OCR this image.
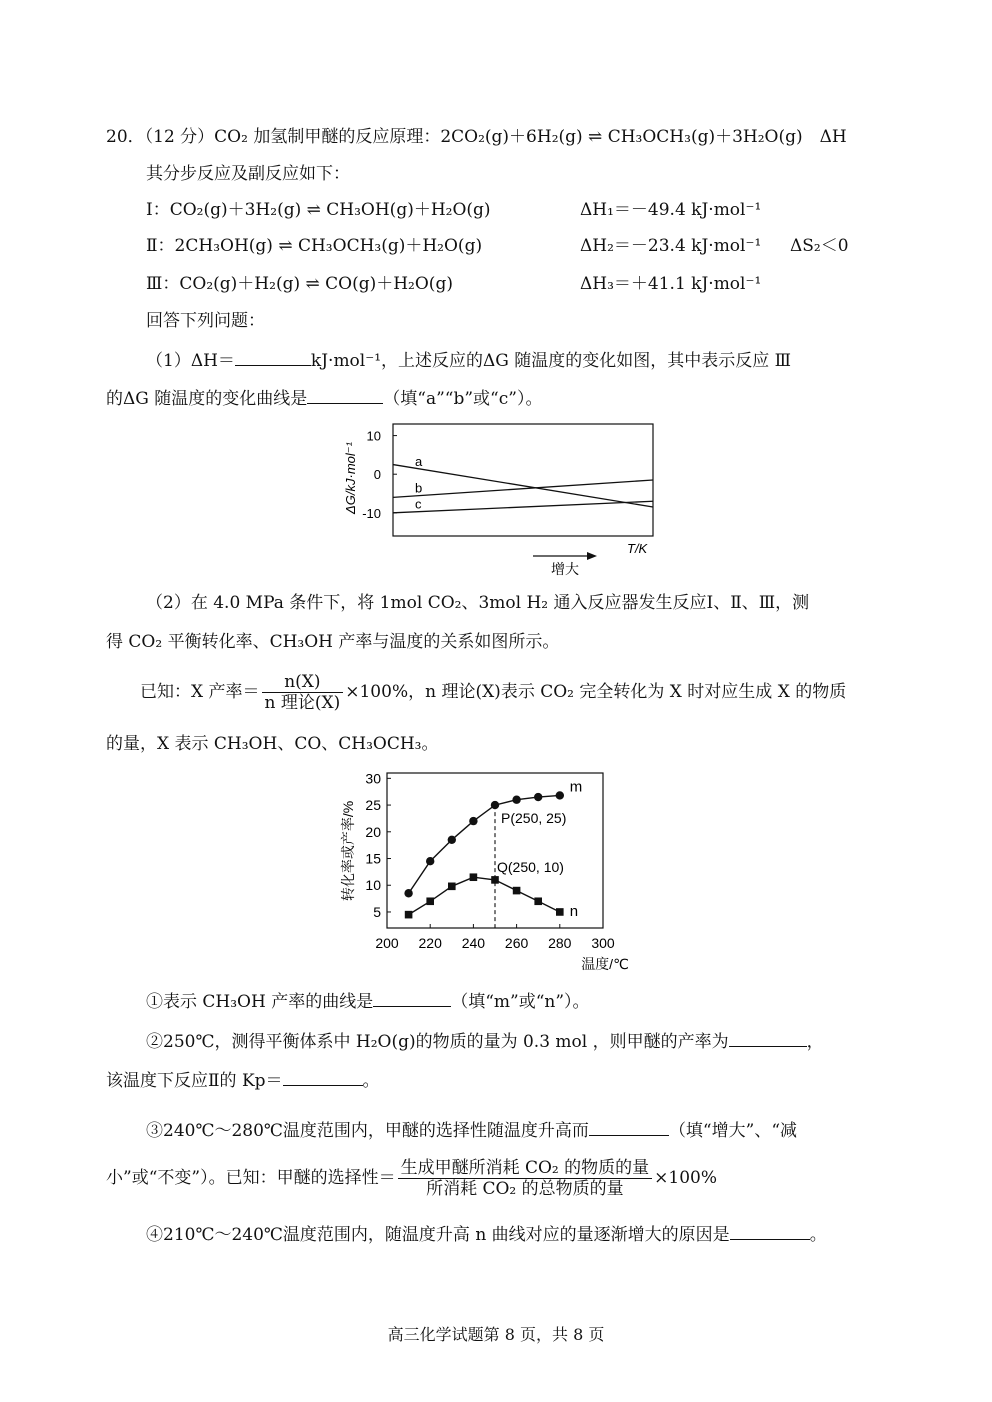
20．（12 分）CO₂ 加氢制甲醚的反应原理：2CO₂(g)＋6H₂(g) ⇌ CH₃OCH₃(g)＋3H₂O(g)　ΔH
其分步反应及副反应如下：
Ⅰ：CO₂(g)＋3H₂(g) ⇌ CH₃OH(g)＋H₂O(g)	ΔH₁＝－49.4 kJ·mol⁻¹
Ⅱ：2CH₃OH(g) ⇌ CH₃OCH₃(g)＋H₂O(g)	ΔH₂＝－23.4 kJ·mol⁻¹ ΔS₂＜0
Ⅲ：CO₂(g)＋H₂(g) ⇌ CO(g)＋H₂O(g)	ΔH₃＝＋41.1 kJ·mol⁻¹
回答下列问题：
（1）ΔH＝	kJ·mol⁻¹，上述反应的ΔG 随温度的变化如图，其中表示反应 Ⅲ
的ΔG 随温度的变化曲线是	（填“a”“b”或“c”）。
10
0
-10
a
b
c
ΔG/kJ·mol⁻¹
T/K
增大
（2）在 4.0 MPa 条件下，将 1mol CO₂、3mol H₂ 通入反应器发生反应Ⅰ、Ⅱ、Ⅲ，测
得 CO₂ 平衡转化率、CH₃OH 产率与温度的关系如图所示。
已知：X 产率＝ $\frac{n(X)}{\text{n 理论(X)}} \times 100\%$，n 理论(X)表示 CO₂ 完全转化为 X 时对应生成 X 的物质
的量，X 表示 CH₃OH、CO、CH₃OCH₃。
5
10
15
20
25
30
200 220 240 260 280 300
m
n
P(250, 25)
Q(250, 10)
转化率或产率/%
温度/℃
①表示 CH₃OH 产率的曲线是	（填“m”或“n”）。
②250℃，测得平衡体系中 H₂O(g)的物质的量为 0.3 mol ，则甲醚的产率为	，
该温度下反应Ⅱ的 Kp＝	。
③240℃～280℃温度范围内，甲醚的选择性随温度升高而	（填“增大”、“减
小”或“不变”）。已知：甲醚的选择性＝ $\frac{\text{生成甲醚所消耗 CO₂ 的物质的量}}{\text{所消耗 CO₂ 的总物质的量}} \times 100\%$
④210℃～240℃温度范围内，随温度升高 n 曲线对应的量逐渐增大的原因是	。
高三化学试题第 8 页，共 8 页
